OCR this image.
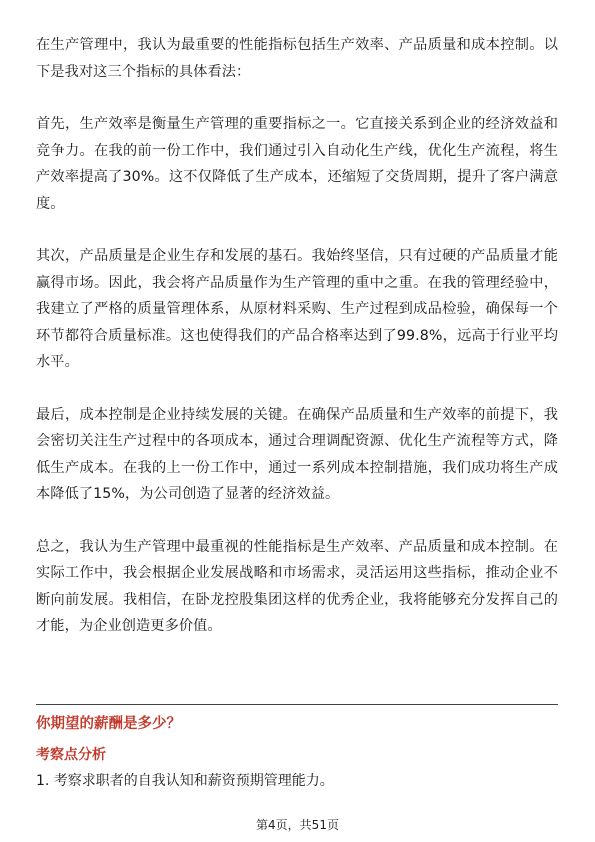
在生产管理中，我认为最重要的性能指标包括生产效率、产品质量和成本控制。以下是我对这三个指标的具体看法：

首先，生产效率是衡量生产管理的重要指标之一。它直接关系到企业的经济效益和竞争力。在我的前一份工作中，我们通过引入自动化生产线，优化生产流程，将生产效率提高了30%。这不仅降低了生产成本，还缩短了交货周期，提升了客户满意度。

其次，产品质量是企业生存和发展的基石。我始终坚信，只有过硬的产品质量才能赢得市场。因此，我会将产品质量作为生产管理的重中之重。在我的管理经验中，我建立了严格的质量管理体系，从原材料采购、生产过程到成品检验，确保每一个环节都符合质量标准。这也使得我们的产品合格率达到了99.8%，远高于行业平均水平。

最后，成本控制是企业持续发展的关键。在确保产品质量和生产效率的前提下，我会密切关注生产过程中的各项成本，通过合理调配资源、优化生产流程等方式，降低生产成本。在我的上一份工作中，通过一系列成本控制措施，我们成功将生产成本降低了15%，为公司创造了显著的经济效益。

总之，我认为生产管理中最重视的性能指标是生产效率、产品质量和成本控制。在实际工作中，我会根据企业发展战略和市场需求，灵活运用这些指标，推动企业不断向前发展。我相信，在卧龙控股集团这样的优秀企业，我将能够充分发挥自己的才能，为企业创造更多价值。

你期望的薪酬是多少？
考察点分析

1. 考察求职者的自我认知和薪资预期管理能力。

第4页，共51页
